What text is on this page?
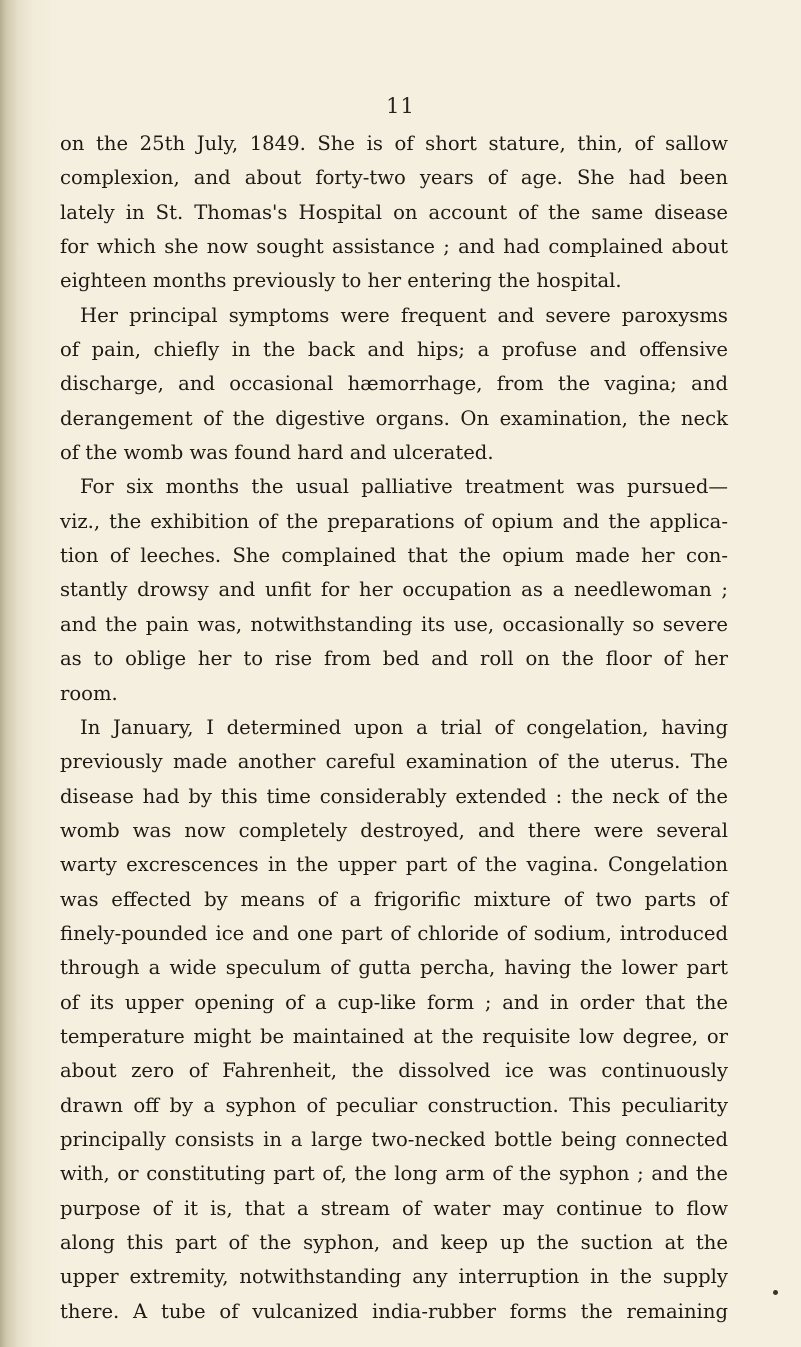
11
on the 25th July, 1849. She is of short stature, thin, of sallow
complexion, and about forty-two years of age. She had been
lately in St. Thomas's Hospital on account of the same disease
for which she now sought assistance ; and had complained about
eighteen months previously to her entering the hospital.
Her principal symptoms were frequent and severe paroxysms
of pain, chiefly in the back and hips; a profuse and offensive
discharge, and occasional hæmorrhage, from the vagina; and
derangement of the digestive organs. On examination, the neck
of the womb was found hard and ulcerated.
For six months the usual palliative treatment was pursued—
viz., the exhibition of the preparations of opium and the applica-
tion of leeches. She complained that the opium made her con-
stantly drowsy and unfit for her occupation as a needlewoman ;
and the pain was, notwithstanding its use, occasionally so severe
as to oblige her to rise from bed and roll on the floor of her
room.
In January, I determined upon a trial of congelation, having
previously made another careful examination of the uterus. The
disease had by this time considerably extended : the neck of the
womb was now completely destroyed, and there were several
warty excrescences in the upper part of the vagina. Congelation
was effected by means of a frigorific mixture of two parts of
finely-pounded ice and one part of chloride of sodium, introduced
through a wide speculum of gutta percha, having the lower part
of its upper opening of a cup-like form ; and in order that the
temperature might be maintained at the requisite low degree, or
about zero of Fahrenheit, the dissolved ice was continuously
drawn off by a syphon of peculiar construction. This peculiarity
principally consists in a large two-necked bottle being connected
with, or constituting part of, the long arm of the syphon ; and the
purpose of it is, that a stream of water may continue to flow
along this part of the syphon, and keep up the suction at the
upper extremity, notwithstanding any interruption in the supply
there. A tube of vulcanized india-rubber forms the remaining
